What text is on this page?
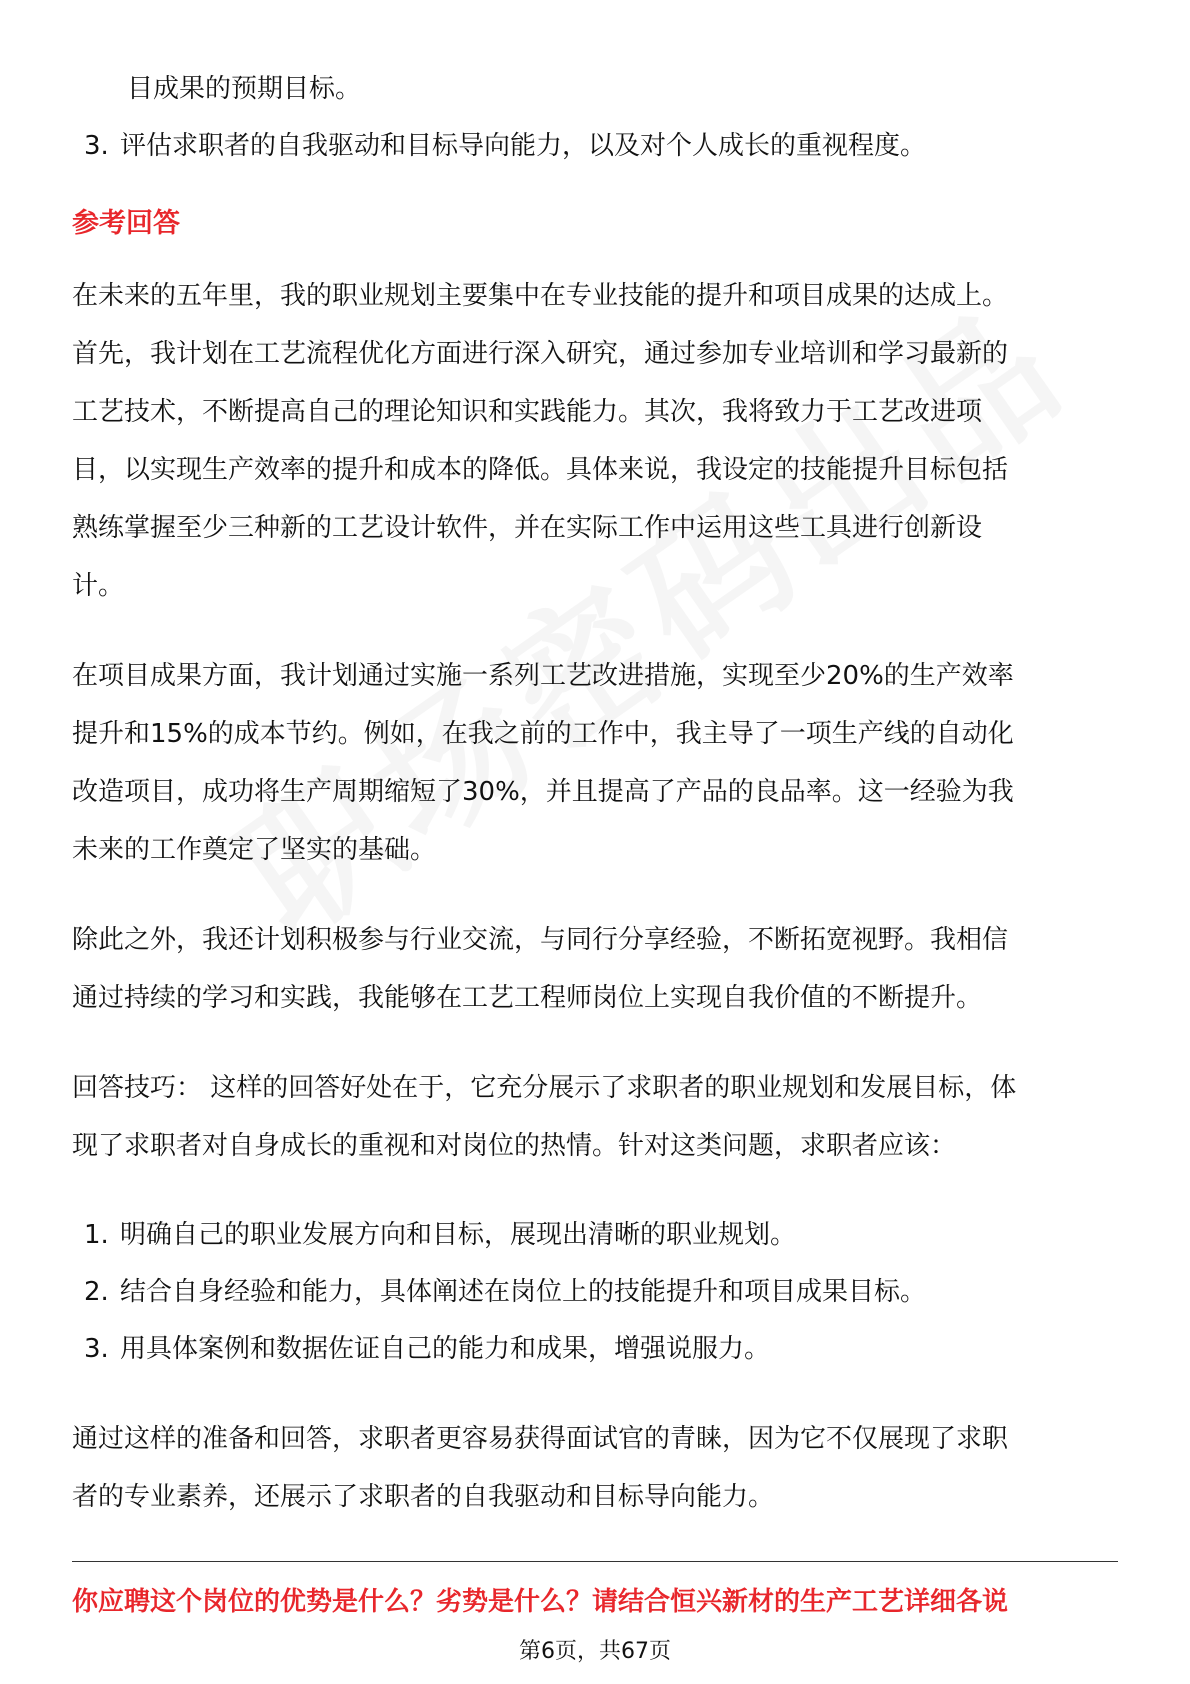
目成果的预期目标。
3. 评估求职者的自我驱动和目标导向能力，以及对个人成长的重视程度。
参考回答
在未来的五年里，我的职业规划主要集中在专业技能的提升和项目成果的达成上。
首先，我计划在工艺流程优化方面进行深入研究，通过参加专业培训和学习最新的
工艺技术，不断提高自己的理论知识和实践能力。其次，我将致力于工艺改进项
目，以实现生产效率的提升和成本的降低。具体来说，我设定的技能提升目标包括
熟练掌握至少三种新的工艺设计软件，并在实际工作中运用这些工具进行创新设
计。
在项目成果方面，我计划通过实施一系列工艺改进措施，实现至少20%的生产效率
提升和15%的成本节约。例如，在我之前的工作中，我主导了一项生产线的自动化
改造项目，成功将生产周期缩短了30%，并且提高了产品的良品率。这一经验为我
未来的工作奠定了坚实的基础。
除此之外，我还计划积极参与行业交流，与同行分享经验，不断拓宽视野。我相信
通过持续的学习和实践，我能够在工艺工程师岗位上实现自我价值的不断提升。
回答技巧： 这样的回答好处在于，它充分展示了求职者的职业规划和发展目标，体
现了求职者对自身成长的重视和对岗位的热情。针对这类问题，求职者应该：
1. 明确自己的职业发展方向和目标，展现出清晰的职业规划。
2. 结合自身经验和能力，具体阐述在岗位上的技能提升和项目成果目标。
3. 用具体案例和数据佐证自己的能力和成果，增强说服力。
通过这样的准备和回答，求职者更容易获得面试官的青睐，因为它不仅展现了求职
者的专业素养，还展示了求职者的自我驱动和目标导向能力。
你应聘这个岗位的优势是什么？劣势是什么？请结合恒兴新材的生产工艺详细各说
第6页，共67页
